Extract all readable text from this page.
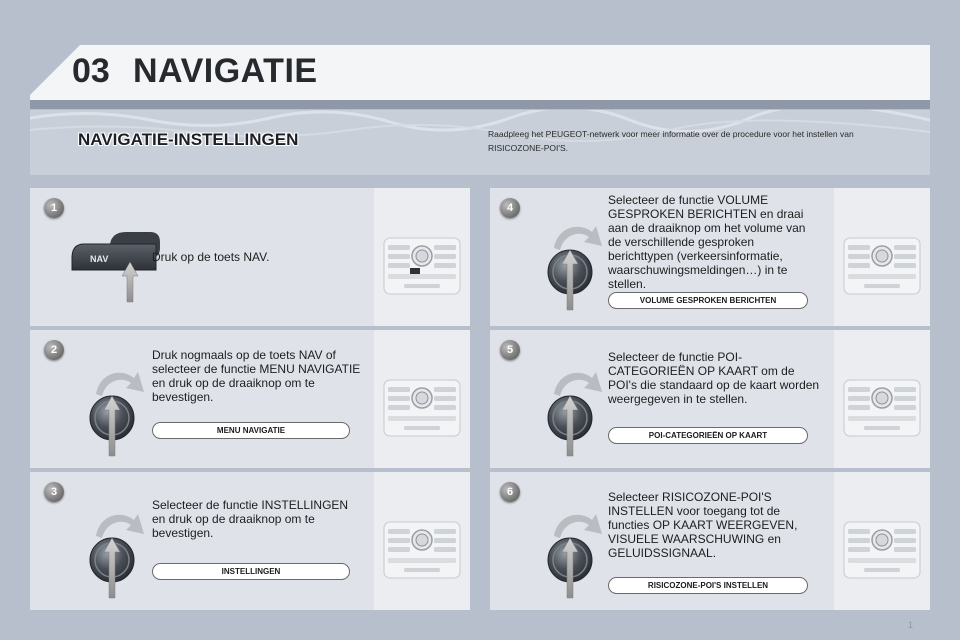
03 NAVIGATIE
NAVIGATIE-INSTELLINGEN	Raadpleeg het PEUGEOT-netwerk voor meer informatie over de procedure voor het instellen van RISICOZONE-POI'S.
1
NAV	Druk op de toets NAV.
2	Druk nogmaals op de toets NAV of selecteer de functie MENU NAVIGATIE en druk op de draaiknop om te bevestigen.
MENU NAVIGATIE
3
Selecteer de functie INSTELLINGEN en druk op de draaiknop om te bevestigen.
INSTELLINGEN
4
Selecteer de functie VOLUME GESPROKEN BERICHTEN en draai aan de draaiknop om het volume van de verschillende gesproken berichttypen (verkeersinformatie, waarschuwingsmeldingen…) in te stellen.
VOLUME GESPROKEN BERICHTEN
5	Selecteer de functie POI-CATEGORIEËN OP KAART om de POI's die standaard op de kaart worden weergegeven in te stellen.
POI-CATEGORIEËN OP KAART
6	Selecteer RISICOZONE-POI'S INSTELLEN voor toegang tot de functies OP KAART WEERGEVEN, VISUELE WAARSCHUWING en GELUIDSSIGNAAL.
RISICOZONE-POI'S INSTELLEN
1
